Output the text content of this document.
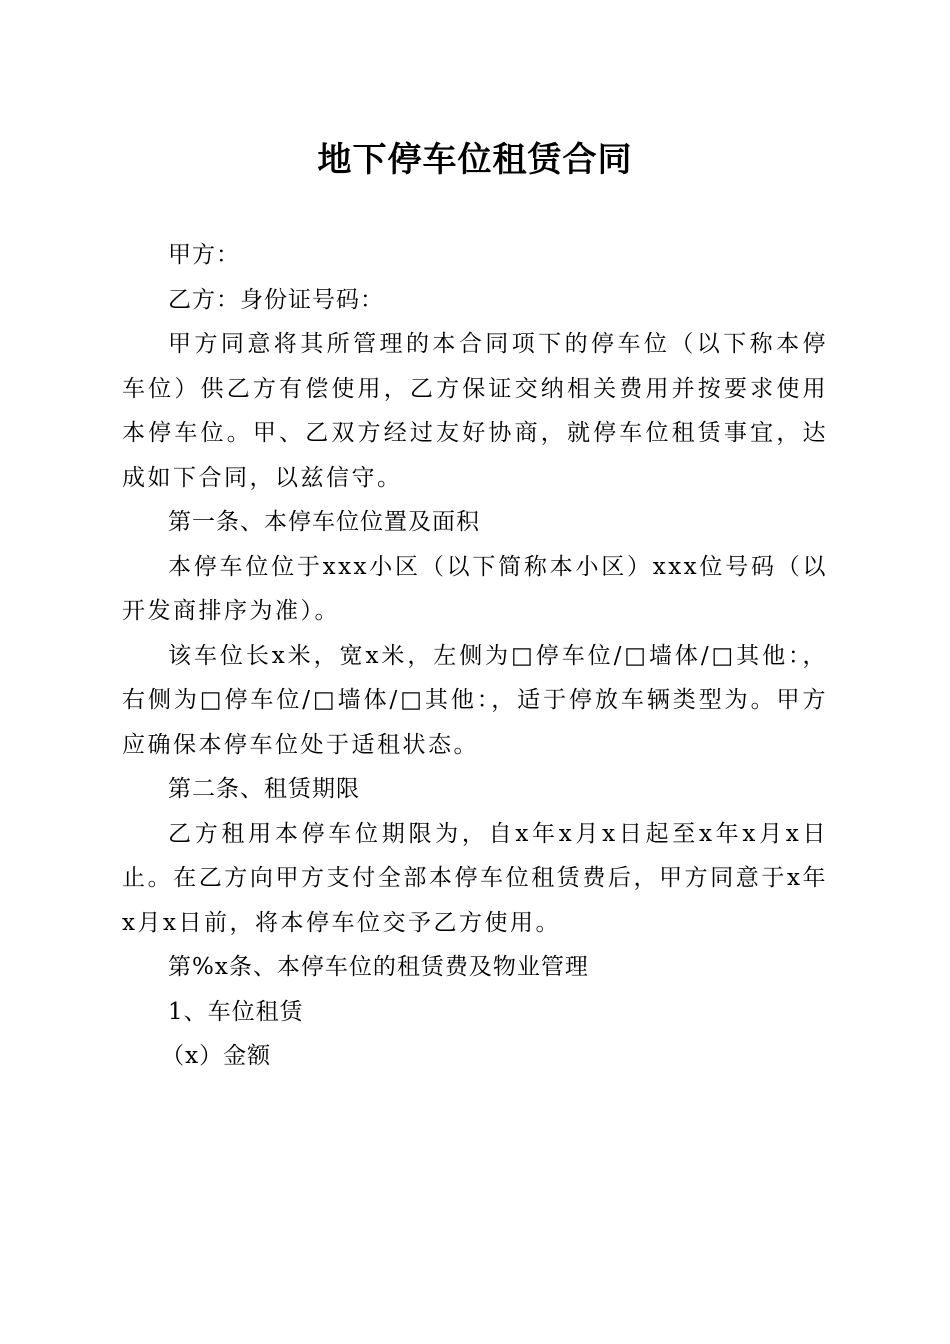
地下停车位租赁合同

甲方：

乙方：身份证号码：

甲方同意将其所管理的本合同项下的停车位（以下称本停车位）供乙方有偿使用，乙方保证交纳相关费用并按要求使用本停车位。甲、乙双方经过友好协商，就停车位租赁事宜，达成如下合同，以兹信守。

第一条、本停车位位置及面积

本停车位位于xxx小区（以下简称本小区）xxx位号码（以开发商排序为准）。

该车位长x米，宽x米，左侧为□停车位/□墙体/□其他：，右侧为□停车位/□墙体/□其他：，适于停放车辆类型为。甲方应确保本停车位处于适租状态。

第二条、租赁期限

乙方租用本停车位期限为，自x年x月x日起至x年x月x日止。在乙方向甲方支付全部本停车位租赁费后，甲方同意于x年x月x日前，将本停车位交予乙方使用。

第%x条、本停车位的租赁费及物业管理

1、车位租赁

（x）金额
